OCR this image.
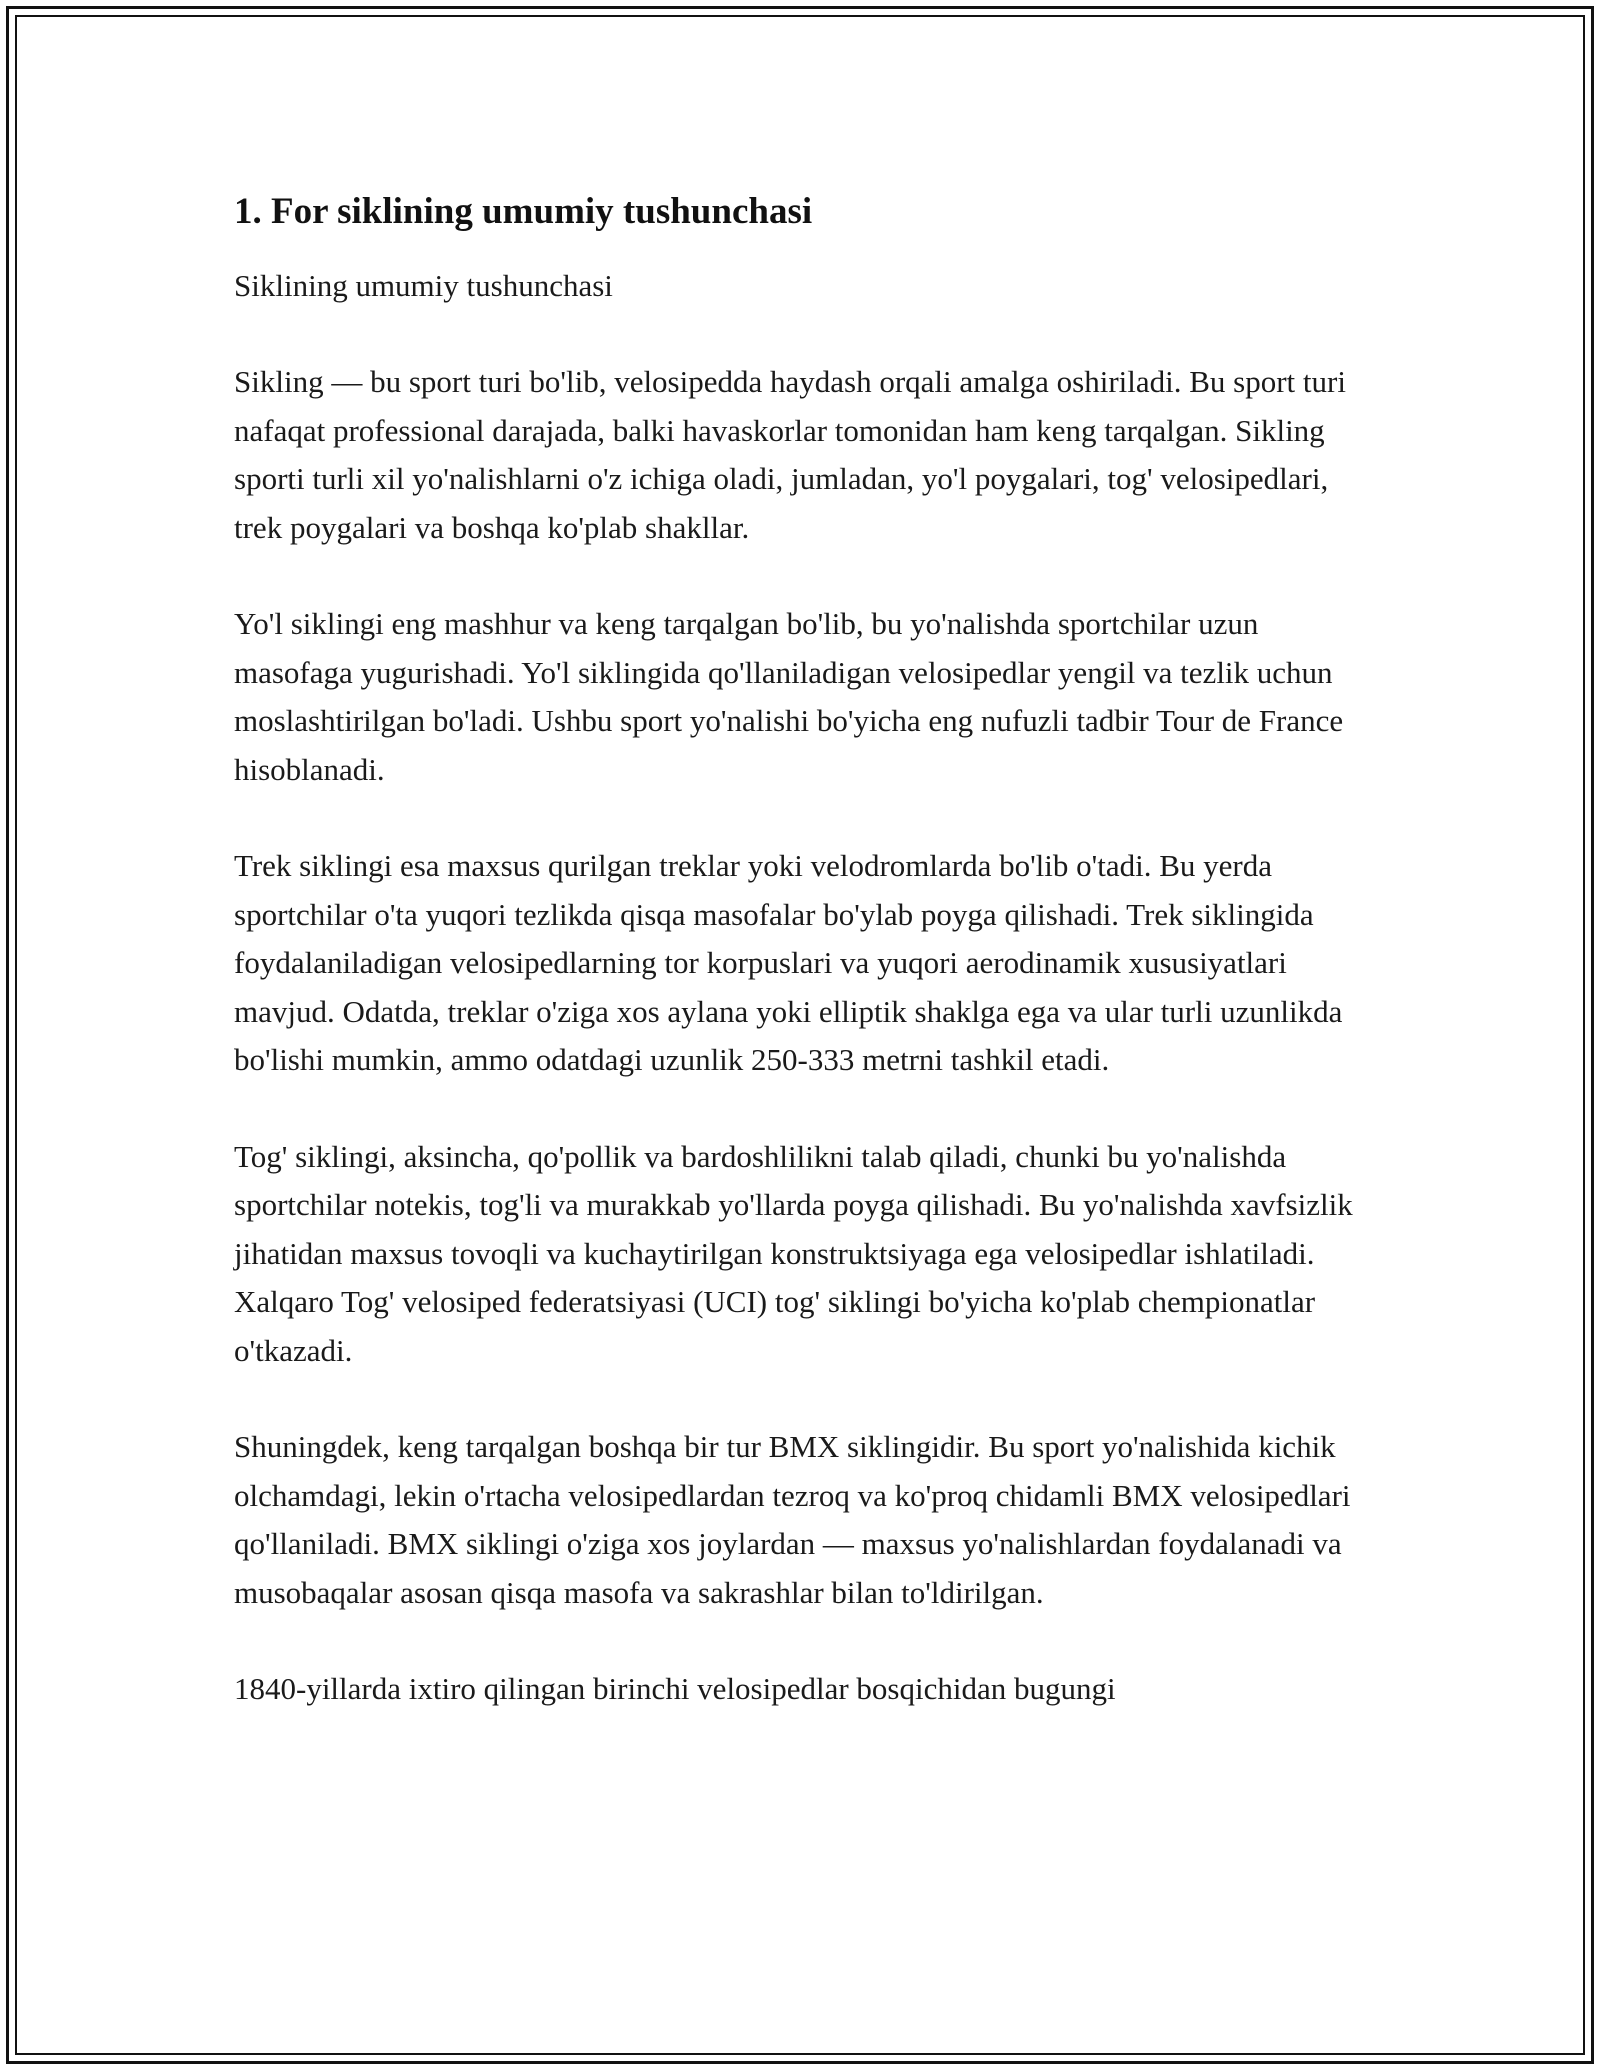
1. For siklining umumiy tushunchasi

Siklining umumiy tushunchasi

Sikling — bu sport turi bo'lib, velosipedda haydash orqali amalga oshiriladi. Bu sport turi nafaqat professional darajada, balki havaskorlar tomonidan ham keng tarqalgan. Sikling sporti turli xil yo'nalishlarni o'z ichiga oladi, jumladan, yo'l poygalari, tog' velosipedlari, trek poygalari va boshqa ko'plab shakllar.

Yo'l siklingi eng mashhur va keng tarqalgan bo'lib, bu yo'nalishda sportchilar uzun masofaga yugurishadi. Yo'l siklingida qo'llaniladigan velosipedlar yengil va tezlik uchun moslashtirilgan bo'ladi. Ushbu sport yo'nalishi bo'yicha eng nufuzli tadbir Tour de France hisoblanadi.

Trek siklingi esa maxsus qurilgan treklar yoki velodromlarda bo'lib o'tadi. Bu yerda sportchilar o'ta yuqori tezlikda qisqa masofalar bo'ylab poyga qilishadi. Trek siklingida foydalaniladigan velosipedlarning tor korpuslari va yuqori aerodinamik xususiyatlari mavjud. Odatda, treklar o'ziga xos aylana yoki elliptik shaklga ega va ular turli uzunlikda bo'lishi mumkin, ammo odatdagi uzunlik 250-333 metrni tashkil etadi.

Tog' siklingi, aksincha, qo'pollik va bardoshlilikni talab qiladi, chunki bu yo'nalishda sportchilar notekis, tog'li va murakkab yo'llarda poyga qilishadi. Bu yo'nalishda xavfsizlik jihatidan maxsus tovoqli va kuchaytirilgan konstruktsiyaga ega velosipedlar ishlatiladi. Xalqaro Tog' velosiped federatsiyasi (UCI) tog' siklingi bo'yicha ko'plab chempionatlar o'tkazadi.

Shuningdek, keng tarqalgan boshqa bir tur BMX siklingidir. Bu sport yo'nalishida kichik olchamdagi, lekin o'rtacha velosipedlardan tezroq va ko'proq chidamli BMX velosipedlari qo'llaniladi. BMX siklingi o'ziga xos joylardan — maxsus yo'nalishlardan foydalanadi va musobaqalar asosan qisqa masofa va sakrashlar bilan to'ldirilgan.

1840-yillarda ixtiro qilingan birinchi velosipedlar bosqichidan bugungi
